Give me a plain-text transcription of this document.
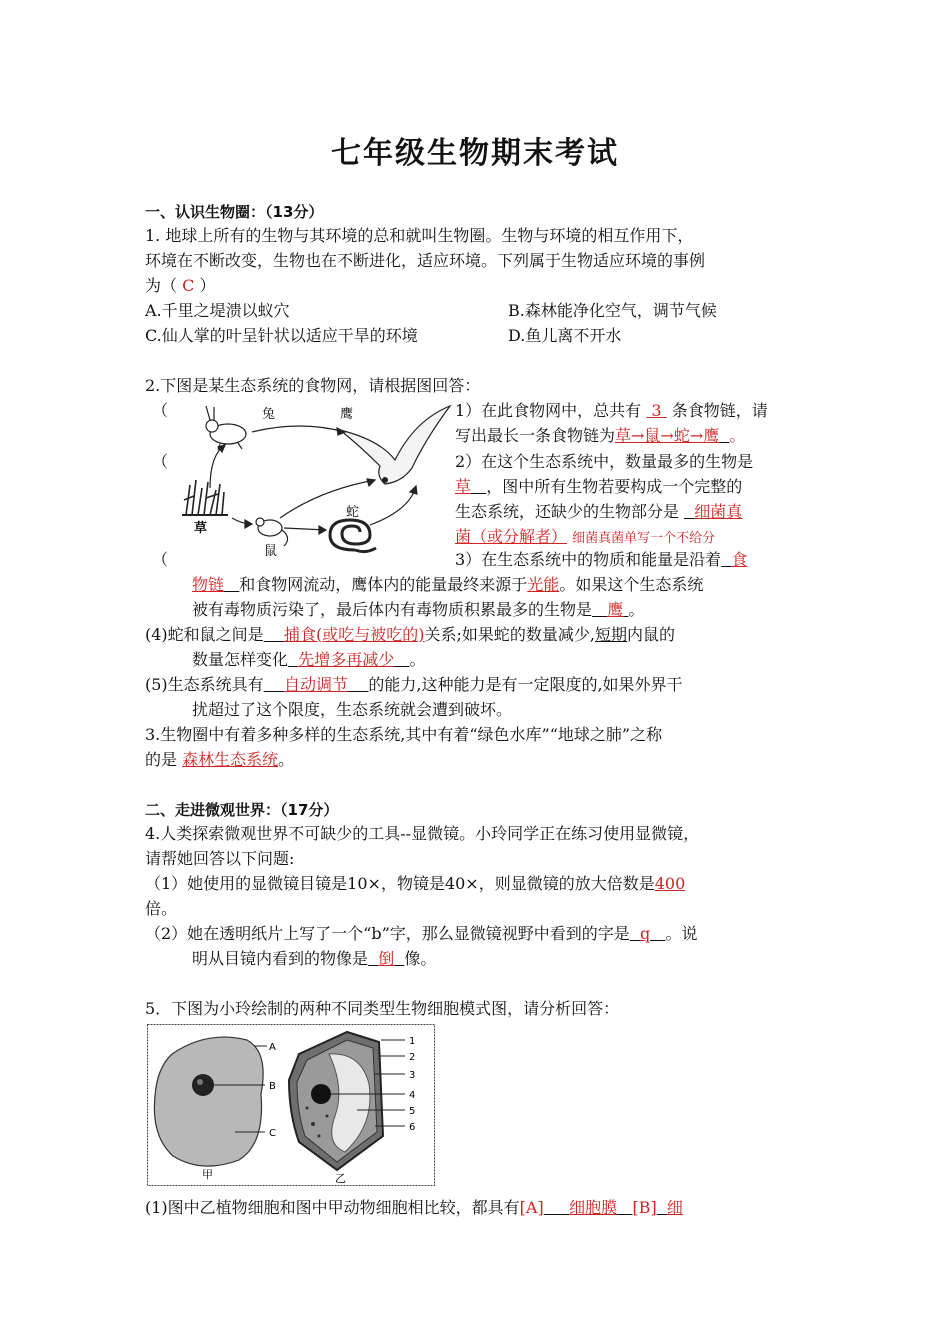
七年级生物期末考试
一、认识生物圈：（13分）
1. 地球上所有的生物与其环境的总和就叫生物圈。生物与环境的相互作用下，
环境在不断改变，生物也在不断进化，适应环境。下列属于生物适应环境的事例
为（ C ）
A.千里之堤溃以蚁穴	B.森林能净化空气，调节气候
C.仙人掌的叶呈针状以适应干旱的环境	D.鱼儿离不开水
2.下图是某生态系统的食物网，请根据图回答：
（
（
（
兔	鹰
草
鼠
蛇
1）在此食物网中，总共有 3 条食物链，请
写出最长一条食物链为草→鼠→蛇→鹰 。
2）在这个生态系统中，数量最多的生物是
草 ，图中所有生物若要构成一个完整的
生态系统，还缺少的生物部分是 细菌真
菌（或分解者） 细菌真菌单写一个不给分
3）在生态系统中的物质和能量是沿着 食
物链 和食物网流动，鹰体内的能量最终来源于光能。如果这个生态系统
被有毒物质污染了，最后体内有毒物质积累最多的生物是 鹰 。
(4)蛇和鼠之间是 捕食(或吃与被吃的)关系;如果蛇的数量减少,短期内鼠的
数量怎样变化 先增多再减少 。
(5)生态系统具有 自动调节 的能力,这种能力是有一定限度的,如果外界干
扰超过了这个限度，生态系统就会遭到破坏。
3.生物圈中有着多种多样的生态系统,其中有着“绿色水库”“地球之肺”之称
的是 森林生态系统。
二、走进微观世界：（17分）
4.人类探索微观世界不可缺少的工具--显微镜。小玲同学正在练习使用显微镜，
请帮她回答以下问题:
（1）她使用的显微镜目镜是10×，物镜是40×，则显微镜的放大倍数是400
倍。
（2）她在透明纸片上写了一个“b”字，那么显微镜视野中看到的字是 q 。说
明从目镜内看到的物像是 倒 像。
5．下图为小玲绘制的两种不同类型生物细胞模式图，请分析回答：
A
B
C
甲
1
2
3
4
5
6
乙
(1)图中乙植物细胞和图中甲动物细胞相比较，都具有[A] 细胞膜 [B] 细
